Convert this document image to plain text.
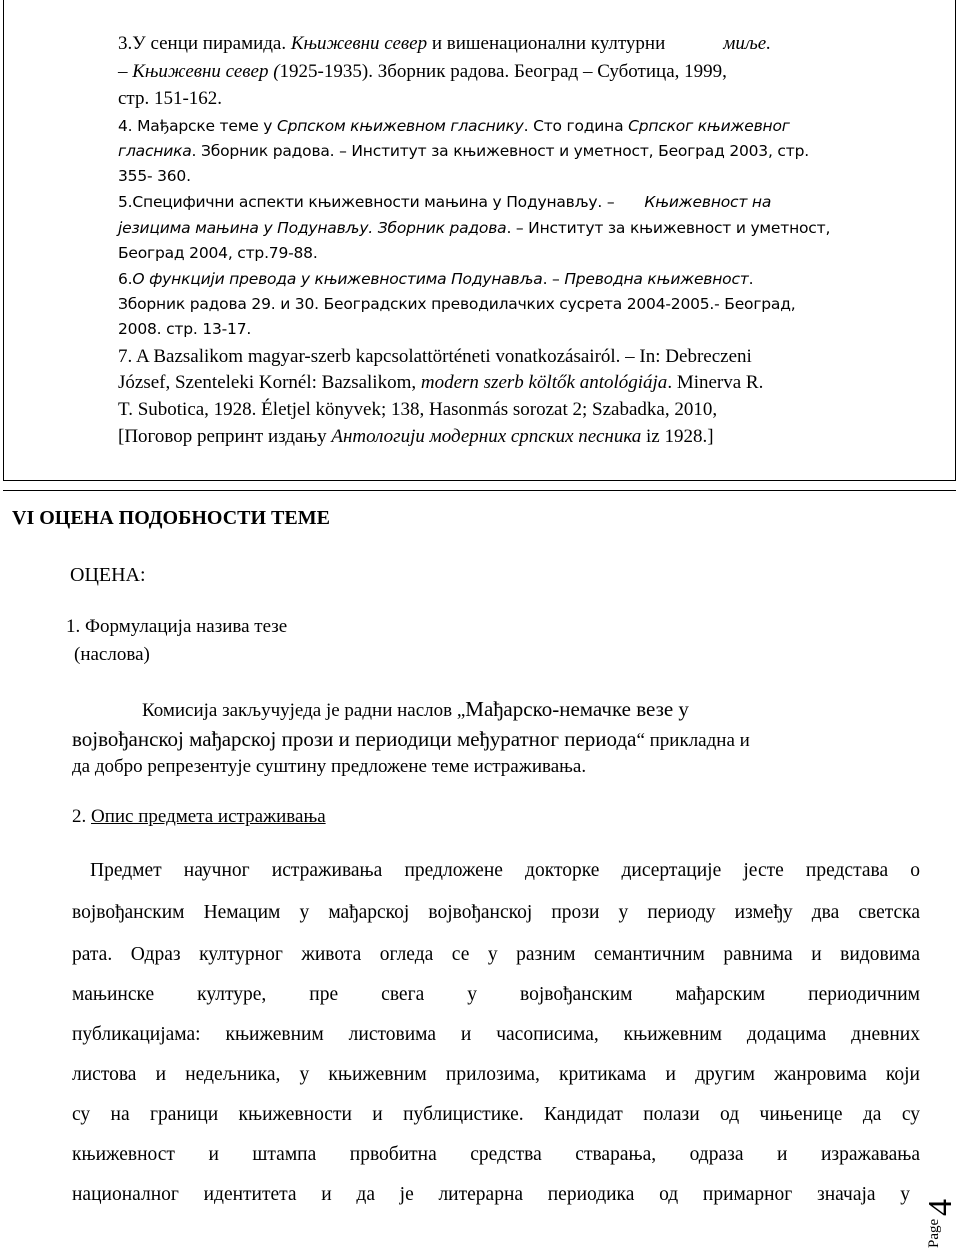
3.У сенци пирамида. Књижевни север и вишенационални културни	миље.

– Књижевни север (1925-1935). Зборник радова. Београд – Суботица, 1999,

стр. 151-162.

4. Мађарске теме у Српском књижевном гласнику. Сто година Српског књижевног

гласника. Зборник радова. – Институт за књижевност и уметност, Београд 2003, стр.

355- 360.

5.Специфични аспекти књижевности мањина у Подунављу. – Књижевност на

језицима мањина у Подунављу. Зборник радова. – Институт за књижевност и уметност,

Београд 2004, стр.79-88.

6.О функцији превода у књижевностима Подунавља. – Преводна књижевност.

Зборник радова 29. и 30. Београдских преводилачких сусрета 2004-2005.- Београд,

2008. стр. 13-17.

7. A Bazsalikom magyar-szerb kapcsolattörténeti vonatkozásairól. – In: Debreczeni

József, Szenteleki Kornél: Bazsalikom, modern szerb költők antológiája. Minerva R.

T. Subotica, 1928. Életjel könyvek; 138, Hasonmás sorozat 2; Szabadka, 2010,

[Поговор репринт издању Антологији модерних српских песника iz 1928.]

VI ОЦЕНА ПОДОБНОСТИ ТЕМЕ

ОЦЕНА:

1. Формулација назива тезе

(наслова)

Комисија закључуједа је радни наслов „Мађарско-немачке везе у

војвођанској мађарској прози и периодици међуратног периода“ прикладна и

да добро репрезентује суштину предложене теме истраживања.

2. Опис предмета истраживања

Предмет научног истраживања предложене докторке дисертације јесте представа о

војвођанским Немацим у мађарској војвођанској прози у периоду између два светска

рата. Одраз културног живота огледа се у разним семантичним равнима и видовима

мањинске културе, пре свега у војвођанским мађарским периодичним

публикацијама: књижевним листовима и часописима, књижевним додацима дневних

листова и недељника, у књижевним прилозима, критикама и другим жанровима који

су на граници књижевности и публицистике. Кандидат полази од чињенице да су

књижевност и штампа првобитна средства стварања, одраза и изражавања

националног идентитета и да је литерарна периодика од примарног значаја у

4
Page
